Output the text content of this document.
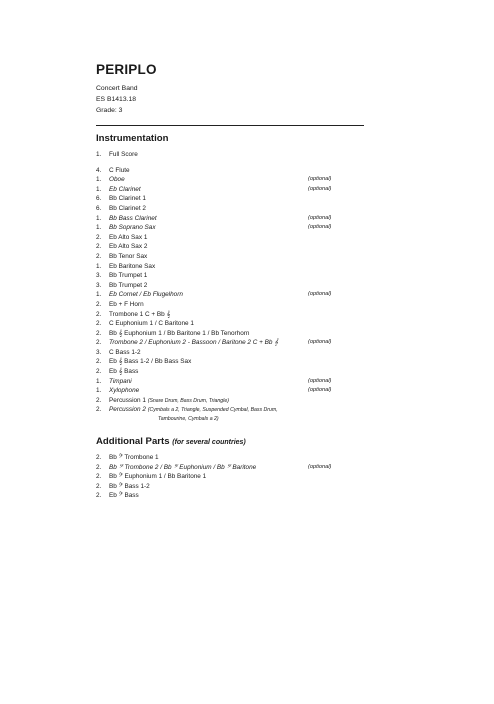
PERIPLO
Concert Band
ES B1413.18
Grade: 3
Instrumentation
1.	Full Score
4.	C Flute
1.	Oboe	(optional)
1.	Eb Clarinet	(optional)
6.	Bb Clarinet 1
6.	Bb Clarinet 2
1.	Bb Bass Clarinet	(optional)
1.	Bb Soprano Sax	(optional)
2.	Eb Alto Sax 1
2.	Eb Alto Sax 2
2.	Bb Tenor Sax
1.	Eb Baritone Sax
3.	Bb Trumpet 1
3.	Bb Trumpet 2
1.	Eb Cornet / Eb Flugelhorn	(optional)
2.	Eb + F Horn
2.	Trombone 1 C + Bb 𝄞
2.	C Euphonium 1 / C Baritone 1
2.	Bb 𝄞 Euphonium 1 / Bb Baritone 1 / Bb Tenorhorn
2.	Trombone 2 / Euphonium 2 - Bassoon / Baritone 2 C + Bb 𝄞	(optional)
3.	C Bass 1-2
2.	Eb 𝄞 Bass 1-2 / Bb Bass Sax
2.	Eb 𝄞 Bass
1.	Timpani	(optional)
1.	Xylophone	(optional)
2.	Percussion 1 (Snare Drum, Bass Drum, Triangle)
2.	Percussion 2 (Cymbals a 2, Triangle, Suspended Cymbal, Bass Drum,
Tambourine, Cymbals a 2)
Additional Parts (for several countries)
2.	Bb 𝄢 Trombone 1
2.	Bb 𝄢 Trombone 2 / Bb 𝄢 Euphonium / Bb 𝄢 Baritone	(optional)
2.	Bb 𝄢 Euphonium 1 / Bb Baritone 1
2.	Bb 𝄢 Bass 1-2
2.	Eb 𝄢 Bass
